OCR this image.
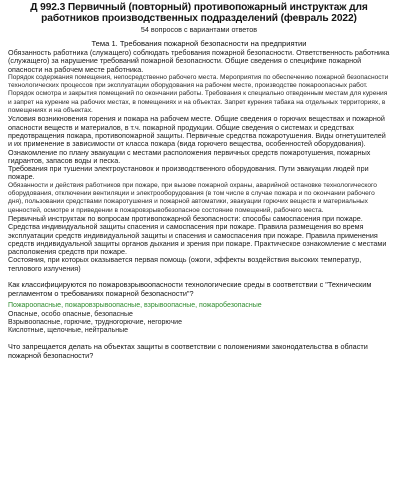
Д 992.3 Первичный (повторный) противопожарный инструктаж для работников производственных подразделений (февраль 2022)
54 вопросов с вариантами ответов
Тема 1. Требования пожарной безопасности на предприятии

Обязанность работника (служащего) соблюдать требования пожарной безопасности. Ответственность работника (служащего) за нарушение требований пожарной безопасности. Общие сведения о специфике пожарной опасности на рабочем месте работника.

Порядок содержания помещения, непосредственно рабочего места. Мероприятия по обеспечению пожарной безопасности технологических процессов при эксплуатации оборудования на рабочем месте, производстве пожароопасных работ. Порядок осмотра и закрытия помещений по окончании работы. Требования к специально отведенным местам для курения и запрет на курение на рабочих местах, в помещениях и на объектах. Запрет курения табака на отдельных территориях, в помещениях и на объектах.

Условия возникновения горения и пожара на рабочем месте. Общие сведения о горючих веществах и пожарной опасности веществ и материалов, в т.ч. пожарной продукции. Общие сведения о системах и средствах предотвращения пожара, противопожарной защиты. Первичные средства пожаротушения. Виды огнетушителей и их применение в зависимости от класса пожара (вида горючего вещества, особенностей оборудования). Ознакомление по плану эвакуации с местами расположения первичных средств пожаротушения, пожарных гидрантов, запасов воды и песка.

Требования при тушении электроустановок и производственного оборудования. Пути эвакуации людей при пожаре.

Обязанности и действия работников при пожаре, при вызове пожарной охраны, аварийной остановке технологического оборудования, отключении вентиляции и электрооборудования (в том числе в случае пожара и по окончании рабочего дня), пользовании средствами пожаротушения и пожарной автоматики, эвакуации горючих веществ и материальных ценностей, осмотре и приведении в пожаровзрывобезопасное состояние помещений, рабочего места.

Первичный инструктаж по вопросам противопожарной безопасности: способы самоспасения при пожаре. Средства индивидуальной защиты спасения и самоспасения при пожаре. Правила размещения во время эксплуатации средств индивидуальной защиты и спасения и самоспасения при пожаре. Правила применения средств индивидуальной защиты органов дыхания и зрения при пожаре. Практическое ознакомление с местами расположения средств при пожаре.

Состояния, при которых оказывается первая помощь (ожоги, эффекты воздействия высоких температур, теплового излучения)

Как классифицируются по пожаровзрывоопасности технологические среды в соответствии с "Техническим регламентом о требованиях пожарной безопасности"?

Пожароопасные, пожаровзрывоопасные, взрывоопасные, пожаробезопасные

Опасные, особо опасные, безопасные

Взрывоопасные, горючие, трудногорючие, негорючие

Кислотные, щелочные, нейтральные

Что запрещается делать на объектах защиты в соответствии с положениями законодательства в области пожарной безопасности?
